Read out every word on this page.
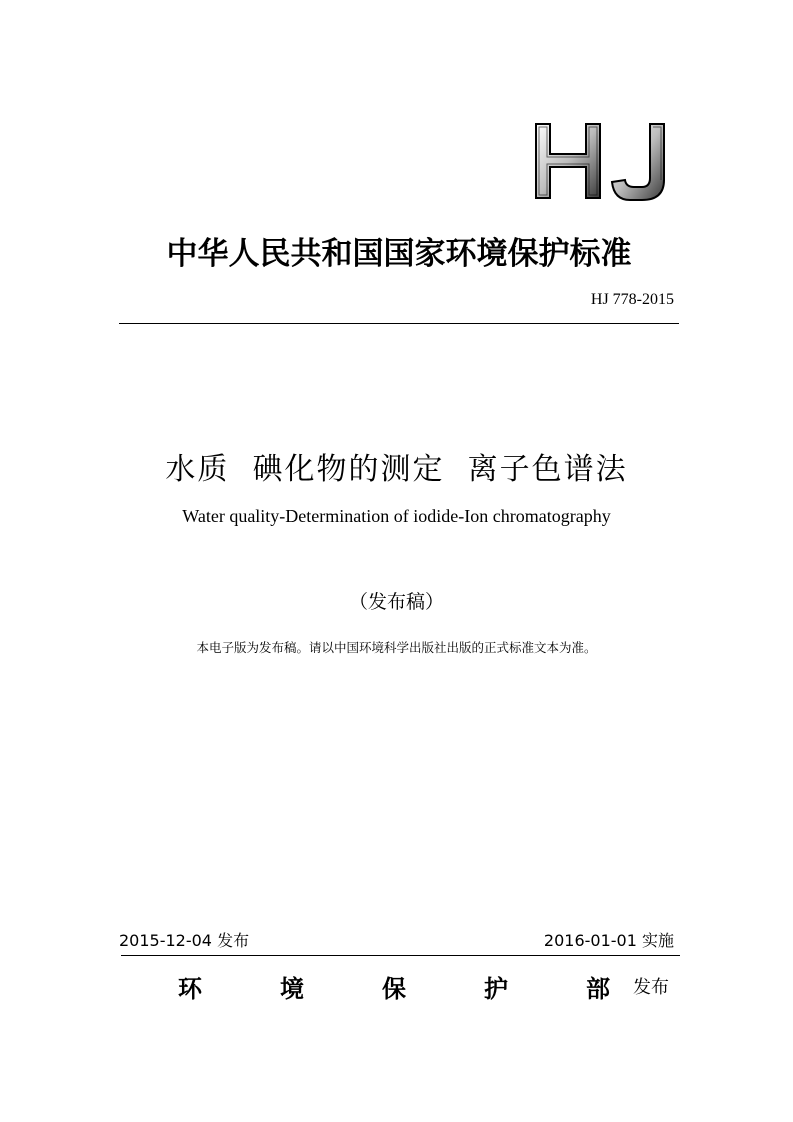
中华人民共和国国家环境保护标准
HJ 778-2015
水质  碘化物的测定  离子色谱法
Water quality-Determination of iodide-Ion chromatography
（发布稿）
本电子版为发布稿。请以中国环境科学出版社出版的正式标准文本为准。
2015-12-04 发布	2016-01-01 实施
环	境	保	护	部 发布
